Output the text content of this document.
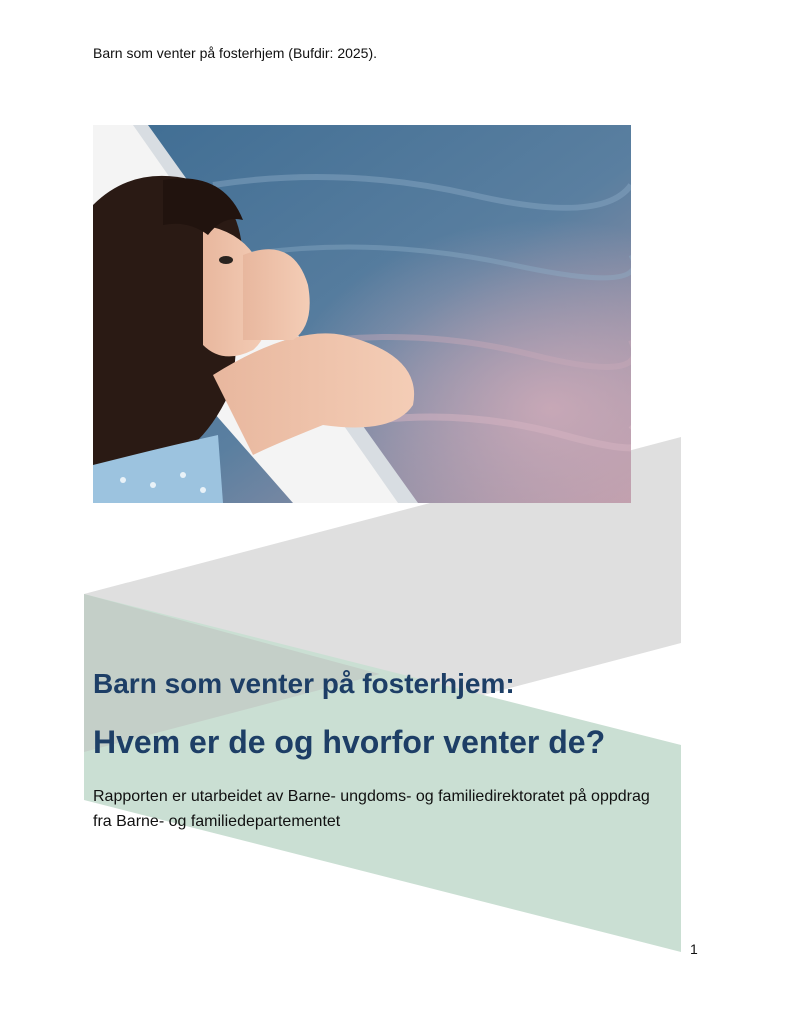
Barn som venter på fosterhjem (Bufdir: 2025).
Barn som venter på fosterhjem:
Hvem er de og hvorfor venter de?
Rapporten er utarbeidet av Barne- ungdoms- og familiedirektoratet på oppdrag fra Barne- og familiedepartementet
1
